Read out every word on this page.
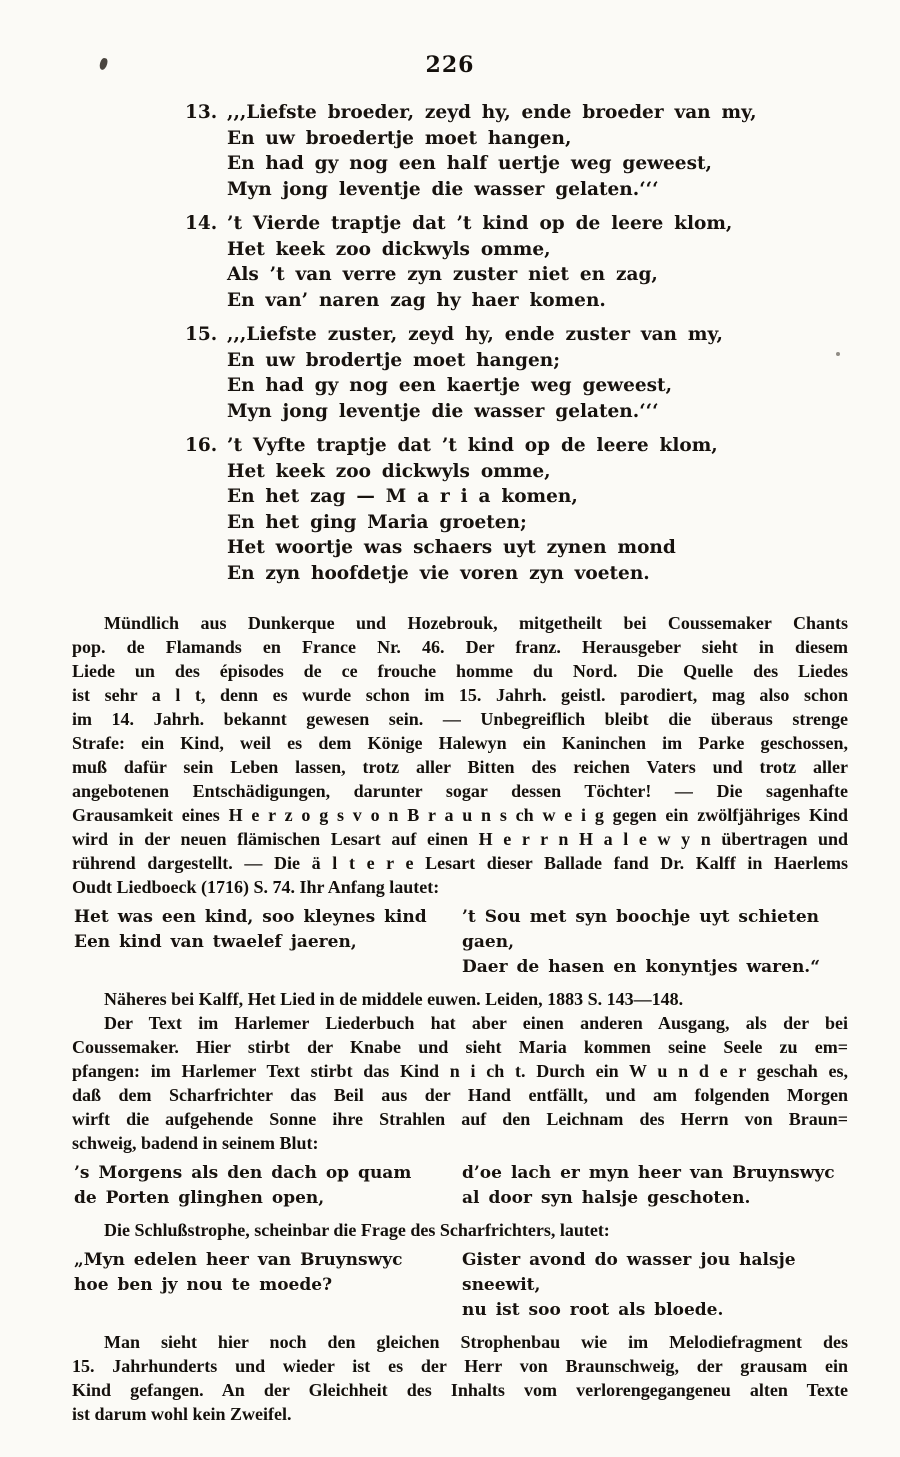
226
13. ,,,Liefste broeder, zeyd hy, ende broeder van my,
En uw broedertje moet hangen,
En had gy nog een half uertje weg geweest,
Myn jong leventje die wasser gelaten.‘‘‘
14. ’t Vierde traptje dat ’t kind op de leere klom,
Het keek zoo dickwyls omme,
Als ’t van verre zyn zuster niet en zag,
En van’ naren zag hy haer komen.
15. ,,,Liefste zuster, zeyd hy, ende zuster van my,
En uw brodertje moet hangen;
En had gy nog een kaertje weg geweest,
Myn jong leventje die wasser gelaten.‘‘‘
16. ’t Vyfte traptje dat ’t kind op de leere klom,
Het keek zoo dickwyls omme,
En het zag — M a r i a komen,
En het ging Maria groeten;
Het woortje was schaers uyt zynen mond
En zyn hoofdetje vie voren zyn voeten.
Mündlich aus Dunkerque und Hozebrouk, mitgetheilt bei Coussemaker Chants
pop. de Flamands en France Nr. 46. Der franz. Herausgeber sieht in diesem
Liede un des épisodes de ce frouche homme du Nord. Die Quelle des Liedes
ist sehr a l t, denn es wurde schon im 15. Jahrh. geistl. parodiert, mag also schon
im 14. Jahrh. bekannt gewesen sein. — Unbegreiflich bleibt die überaus strenge
Strafe: ein Kind, weil es dem Könige Halewyn ein Kaninchen im Parke geschossen,
muß dafür sein Leben lassen, trotz aller Bitten des reichen Vaters und trotz aller
angebotenen Entschädigungen, darunter sogar dessen Töchter! — Die sagenhafte
Grausamkeit eines H e r z o g s v o n B r a u n s ch w e i g gegen ein zwölfjähriges Kind
wird in der neuen flämischen Lesart auf einen H e r r n H a l e w y n übertragen und
rührend dargestellt. — Die ä l t e r e Lesart dieser Ballade fand Dr. Kalff in Haerlems
Oudt Liedboeck (1716) S. 74. Ihr Anfang lautet:
Het was een kind, soo kleynes kind
Een kind van twaelef jaeren,
’t Sou met syn boochje uyt schieten gaen,
Daer de hasen en konyntjes waren.“
Näheres bei Kalff, Het Lied in de middele euwen. Leiden, 1883 S. 143—148.
Der Text im Harlemer Liederbuch hat aber einen anderen Ausgang, als der bei
Coussemaker. Hier stirbt der Knabe und sieht Maria kommen seine Seele zu em=
pfangen: im Harlemer Text stirbt das Kind n i ch t. Durch ein W u n d e r geschah es,
daß dem Scharfrichter das Beil aus der Hand entfällt, und am folgenden Morgen
wirft die aufgehende Sonne ihre Strahlen auf den Leichnam des Herrn von Braun=
schweig, badend in seinem Blut:
’s Morgens als den dach op quam
de Porten glinghen open,
d’oe lach er myn heer van Bruynswyc
al door syn halsje geschoten.
Die Schlußstrophe, scheinbar die Frage des Scharfrichters, lautet:
„Myn edelen heer van Bruynswyc
hoe ben jy nou te moede?
Gister avond do wasser jou halsje sneewit,
nu ist soo root als bloede.
Man sieht hier noch den gleichen Strophenbau wie im Melodiefragment des
15. Jahrhunderts und wieder ist es der Herr von Braunschweig, der grausam ein
Kind gefangen. An der Gleichheit des Inhalts vom verlorengegangeneu alten Texte
ist darum wohl kein Zweifel.
